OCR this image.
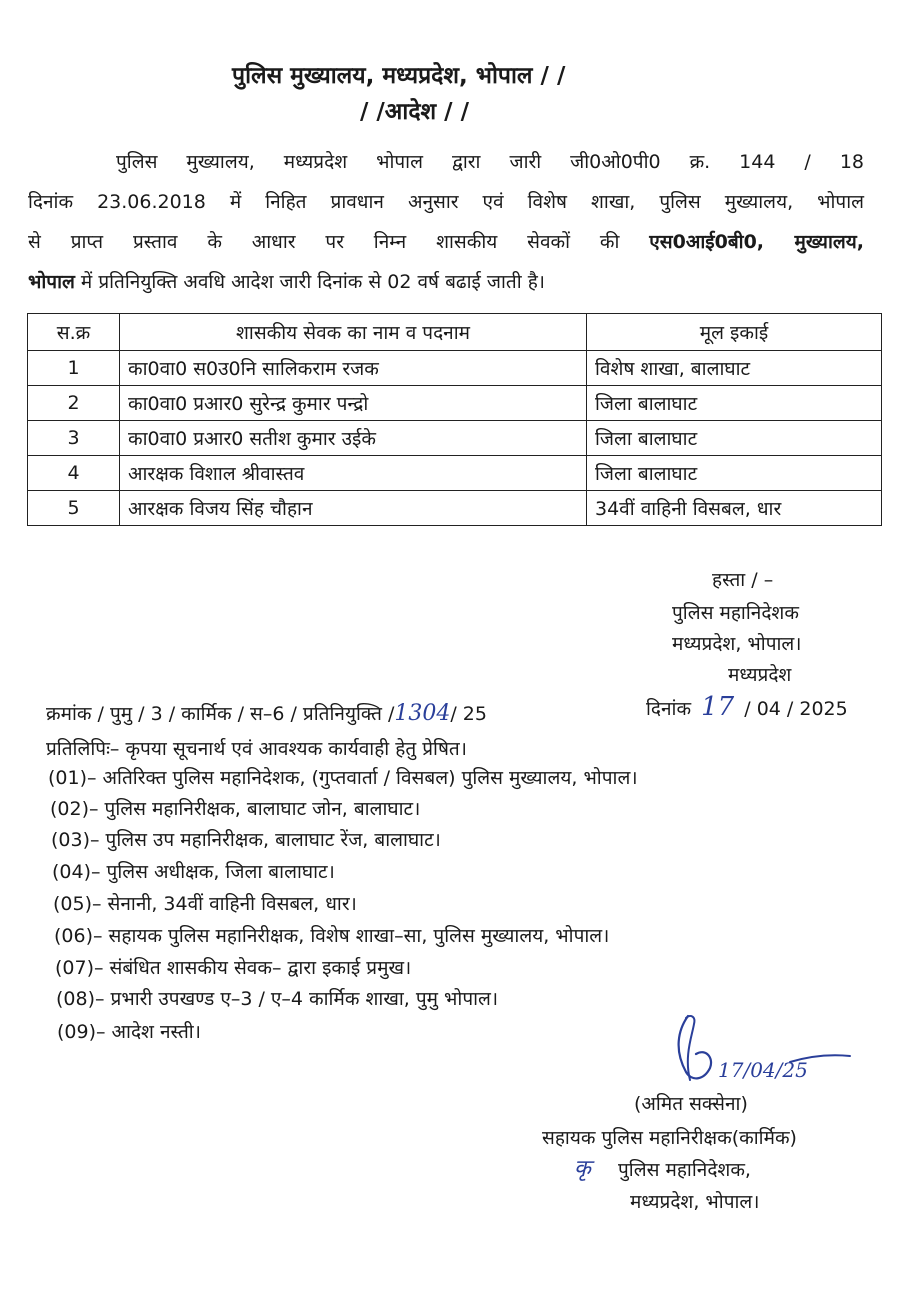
पुलिस मुख्यालय, मध्यप्रदेश, भोपाल / /
/ /आदेश / /
पुलिस मुख्यालय, मध्यप्रदेश भोपाल द्वारा जारी जी0ओ0पी0 क्र. 144 / 18
दिनांक 23.06.2018 में निहित प्रावधान अनुसार एवं विशेष शाखा, पुलिस मुख्यालय, भोपाल
से प्राप्त प्रस्ताव के आधार पर निम्न शासकीय सेवकों की एस0आई0बी0, मुख्यालय,
भोपाल में प्रतिनियुक्ति अवधि आदेश जारी दिनांक से 02 वर्ष बढाई जाती है।
स.क्र	शासकीय सेवक का नाम व पदनाम	मूल इकाई
1	का0वा0 स0उ0नि सालिकराम रजक	विशेष शाखा, बालाघाट
2	का0वा0 प्रआर0 सुरेन्द्र कुमार पन्द्रो	जिला बालाघाट
3	का0वा0 प्रआर0 सतीश कुमार उईके	जिला बालाघाट
4	आरक्षक विशाल श्रीवास्तव	जिला बालाघाट
5	आरक्षक विजय सिंह चौहान	34वीं वाहिनी विसबल, धार
हस्ता / –
पुलिस महानिदेशक
मध्यप्रदेश, भोपाल।
मध्यप्रदेश
क्रमांक / पुमु / 3 / कार्मिक / स–6 / प्रतिनियुक्ति /1304/ 25	दिनांक 17 / 04 / 2025
प्रतिलिपिः– कृपया सूचनार्थ एवं आवश्यक कार्यवाही हेतु प्रेषित।
(01)– अतिरिक्त पुलिस महानिदेशक, (गुप्तवार्ता / विसबल) पुलिस मुख्यालय, भोपाल।
(02)– पुलिस महानिरीक्षक, बालाघाट जोन, बालाघाट।
(03)– पुलिस उप महानिरीक्षक, बालाघाट रेंज, बालाघाट।
(04)– पुलिस अधीक्षक, जिला बालाघाट।
(05)– सेनानी, 34वीं वाहिनी विसबल, धार।
(06)– सहायक पुलिस महानिरीक्षक, विशेष शाखा–सा, पुलिस मुख्यालय, भोपाल।
(07)– संबंधित शासकीय सेवक– द्वारा इकाई प्रमुख।
(08)– प्रभारी उपखण्ड ए–3 / ए–4 कार्मिक शाखा, पुमु भोपाल।
(09)– आदेश नस्ती।
17/04/25
(अमित सक्सेना)
सहायक पुलिस महानिरीक्षक(कार्मिक)
कृ पुलिस महानिदेशक,
मध्यप्रदेश, भोपाल।
